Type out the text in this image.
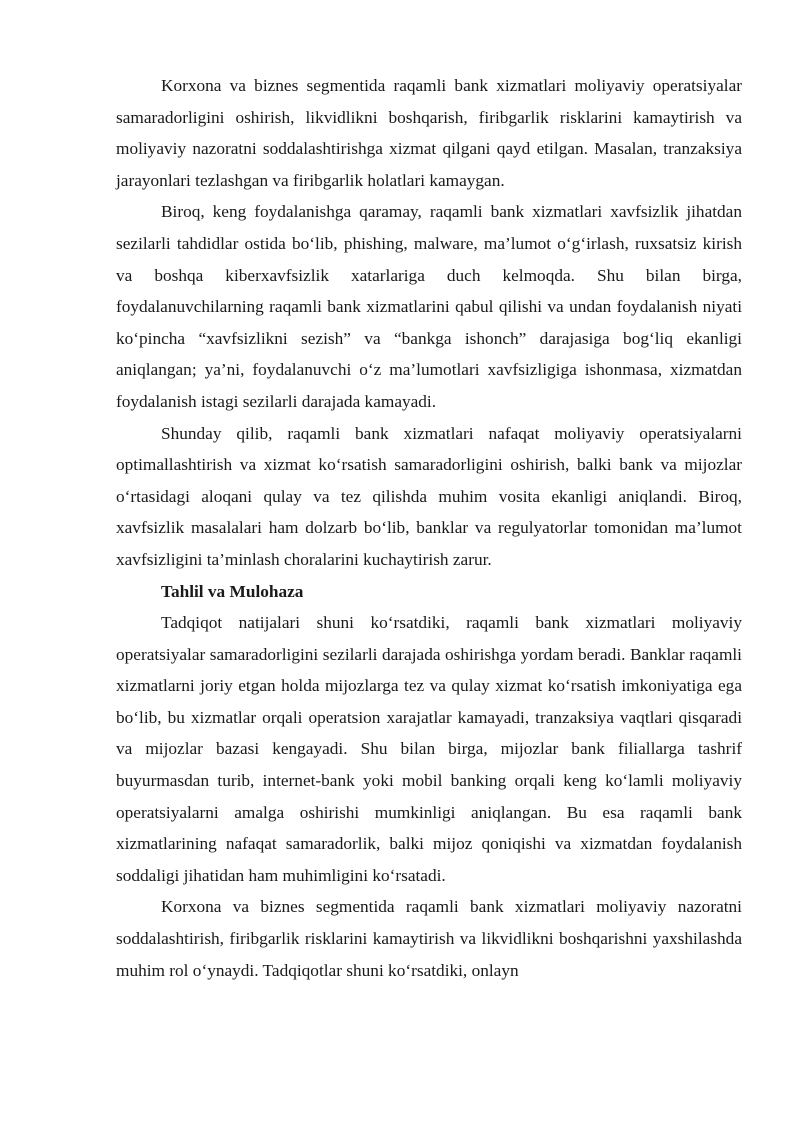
Korxona va biznes segmentida raqamli bank xizmatlari moliyaviy operatsiyalar samaradorligini oshirish, likvidlikni boshqarish, firibgarlik risklarini kamaytirish va moliyaviy nazoratni soddalashtirishga xizmat qilgani qayd etilgan. Masalan, tranzaksiya jarayonlari tezlashgan va firibgarlik holatlari kamaygan.

Biroq, keng foydalanishga qaramay, raqamli bank xizmatlari xavfsizlik jihatdan sezilarli tahdidlar ostida bo‘lib, phishing, malware, ma’lumot o‘g‘irlash, ruxsatsiz kirish va boshqa kiberxavfsizlik xatarlariga duch kelmoqda. Shu bilan birga, foydalanuvchilarning raqamli bank xizmatlarini qabul qilishi va undan foydalanish niyati ko‘pincha “xavfsizlikni sezish” va “bankga ishonch” darajasiga bog‘liq ekanligi aniqlangan; ya’ni, foydalanuvchi o‘z ma’lumotlari xavfsizligiga ishonmasa, xizmatdan foydalanish istagi sezilarli darajada kamayadi.

Shunday qilib, raqamli bank xizmatlari nafaqat moliyaviy operatsiyalarni optimallashtirish va xizmat ko‘rsatish samaradorligini oshirish, balki bank va mijozlar o‘rtasidagi aloqani qulay va tez qilishda muhim vosita ekanligi aniqlandi. Biroq, xavfsizlik masalalari ham dolzarb bo‘lib, banklar va regulyatorlar tomonidan ma’lumot xavfsizligini ta’minlash choralarini kuchaytirish zarur.

Tahlil va Mulohaza

Tadqiqot natijalari shuni ko‘rsatdiki, raqamli bank xizmatlari moliyaviy operatsiyalar samaradorligini sezilarli darajada oshirishga yordam beradi. Banklar raqamli xizmatlarni joriy etgan holda mijozlarga tez va qulay xizmat ko‘rsatish imkoniyatiga ega bo‘lib, bu xizmatlar orqali operatsion xarajatlar kamayadi, tranzaksiya vaqtlari qisqaradi va mijozlar bazasi kengayadi. Shu bilan birga, mijozlar bank filiallarga tashrif buyurmasdan turib, internet-bank yoki mobil banking orqali keng ko‘lamli moliyaviy operatsiyalarni amalga oshirishi mumkinligi aniqlangan. Bu esa raqamli bank xizmatlarining nafaqat samaradorlik, balki mijoz qoniqishi va xizmatdan foydalanish soddaligi jihatidan ham muhimligini ko‘rsatadi.

Korxona va biznes segmentida raqamli bank xizmatlari moliyaviy nazoratni soddalashtirish, firibgarlik risklarini kamaytirish va likvidlikni boshqarishni yaxshilashda muhim rol o‘ynaydi. Tadqiqotlar shuni ko‘rsatdiki, onlayn
